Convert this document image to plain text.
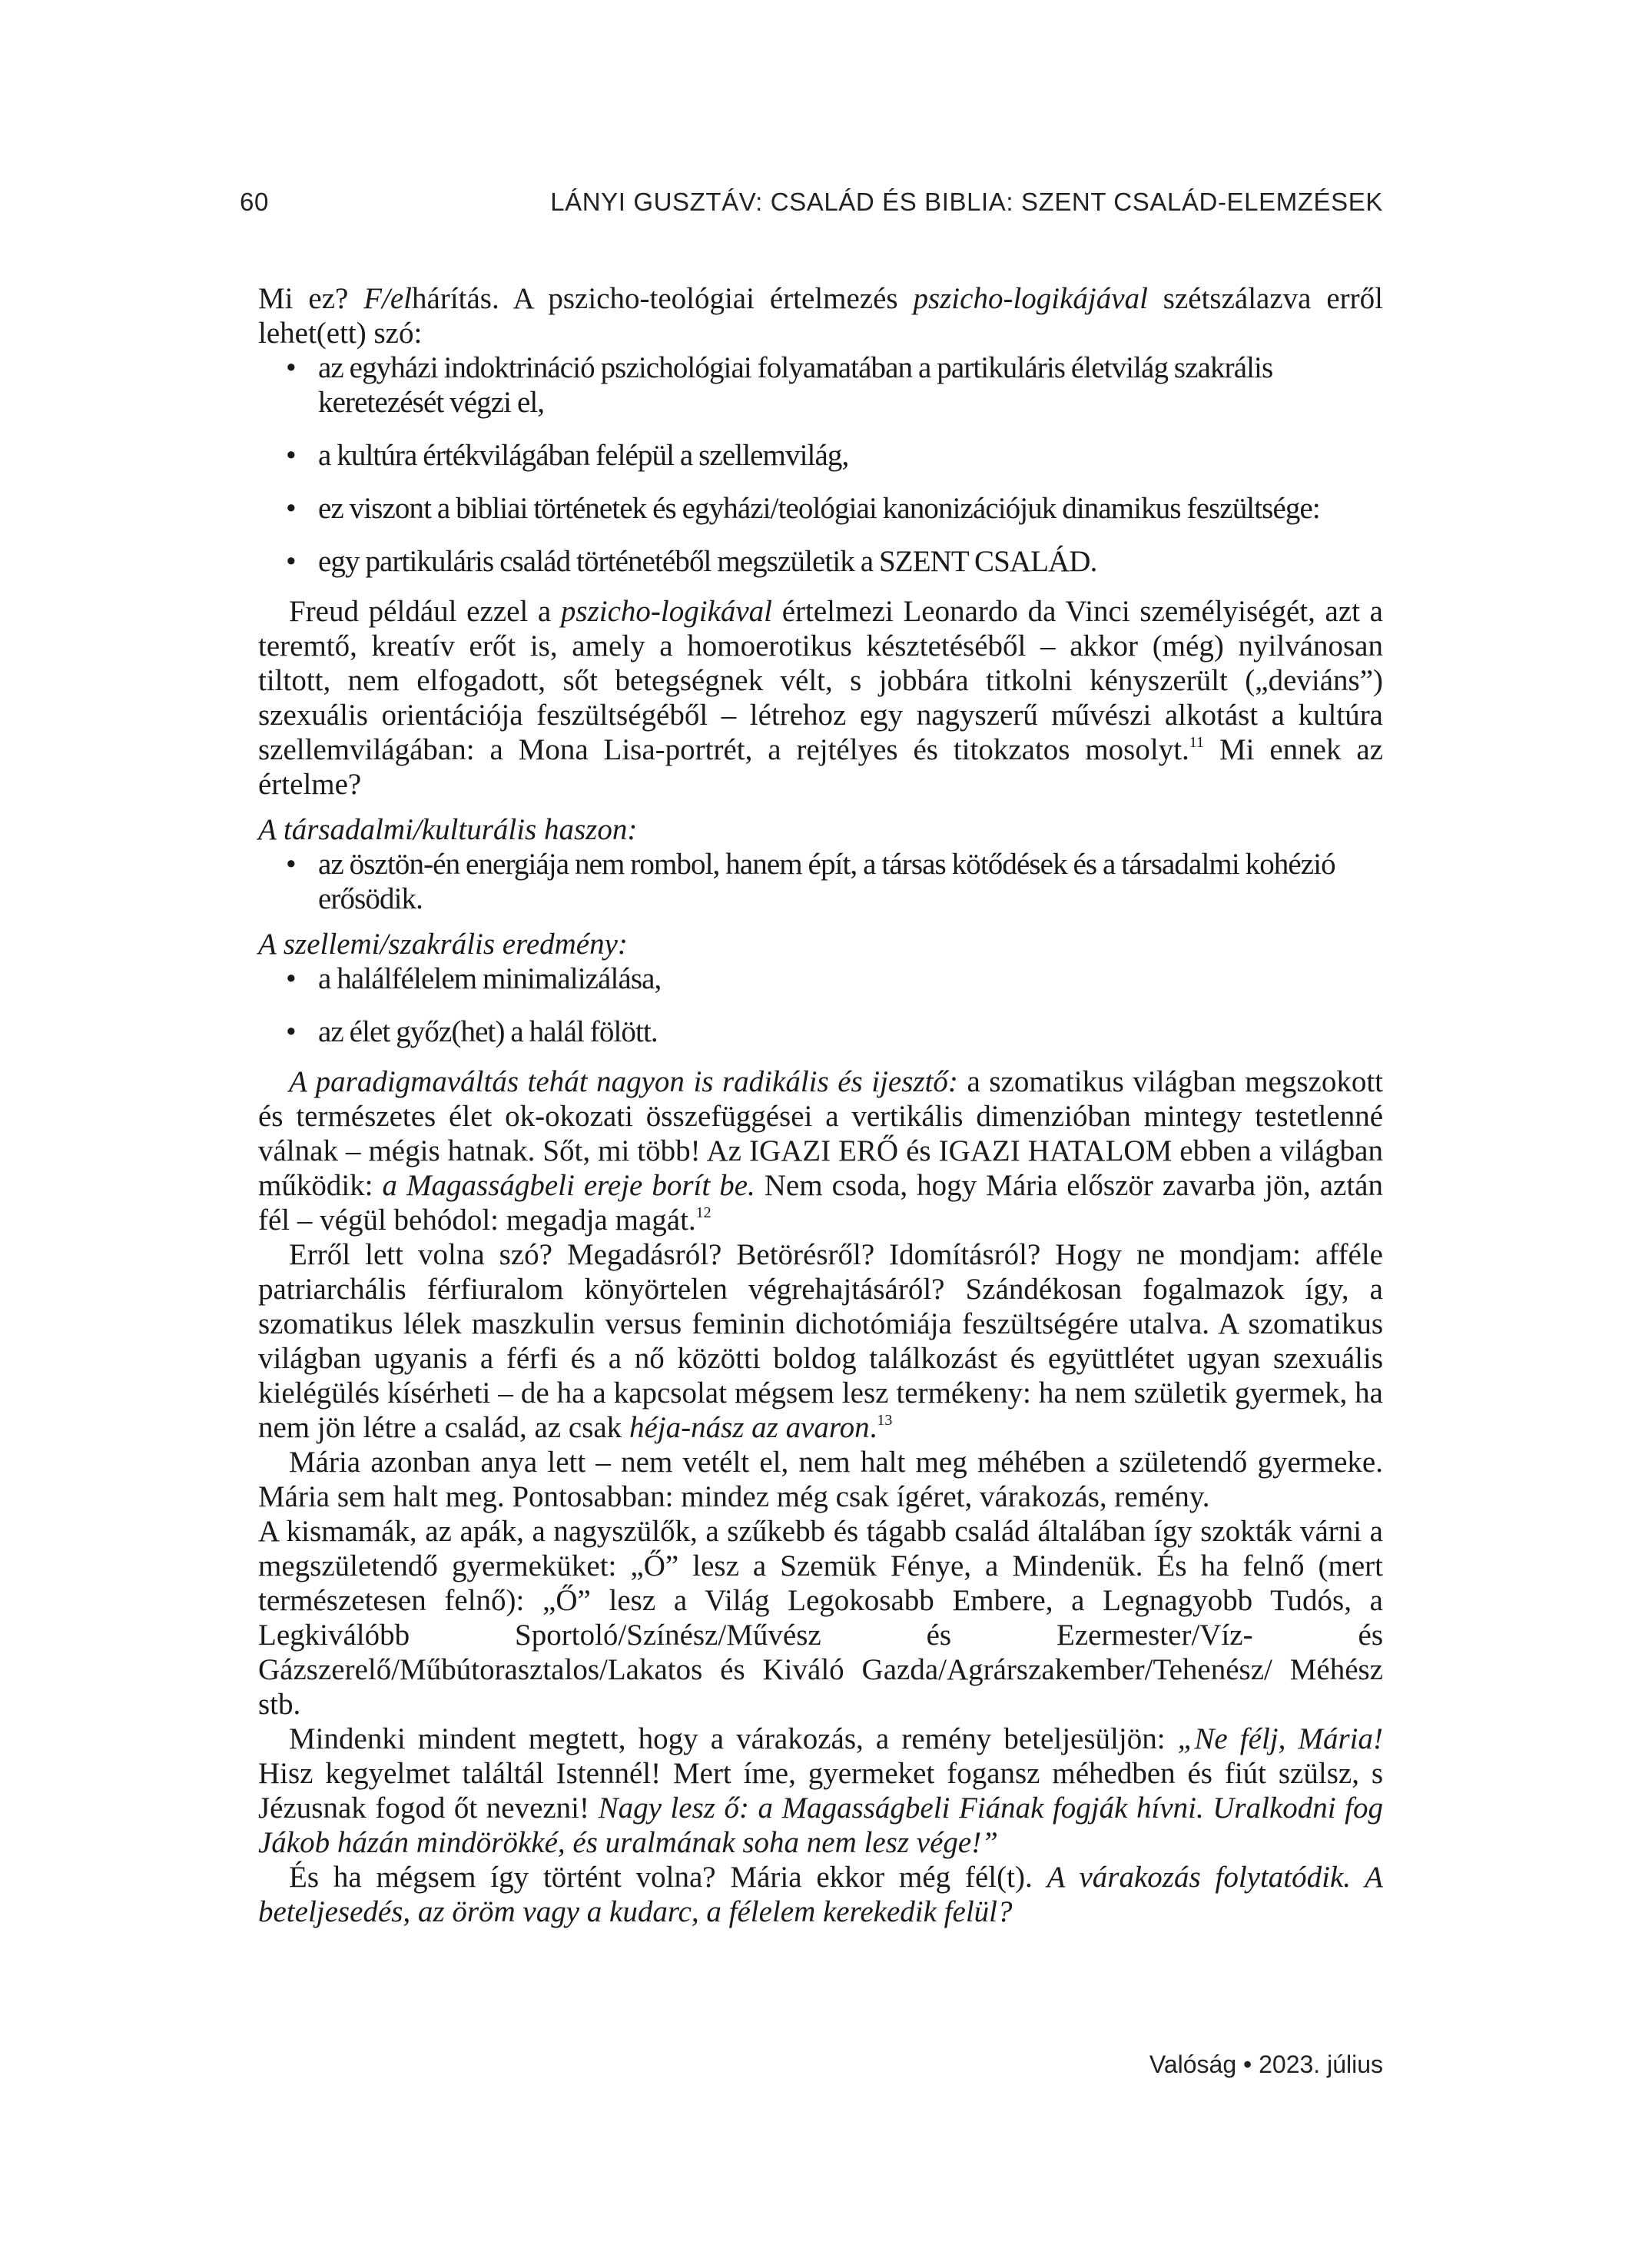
60	LÁNYI GUSZTÁV: CSALÁD ÉS BIBLIA: SZENT CSALÁD-ELEMZÉSEK

Mi ez? F/elhárítás. A pszicho-teológiai értelmezés pszicho-logikájával szétszálazva erről lehet(ett) szó:

• az egyházi indoktrináció pszichológiai folyamatában a partikuláris életvilág szakrális keretezését végzi el,
• a kultúra értékvilágában felépül a szellemvilág,
• ez viszont a bibliai történetek és egyházi/teológiai kanonizációjuk dinamikus feszültsége:
• egy partikuláris család történetéből megszületik a SZENT CSALÁD.

Freud például ezzel a pszicho-logikával értelmezi Leonardo da Vinci személyiségét, azt a teremtő, kreatív erőt is, amely a homoerotikus késztetéséből – akkor (még) nyilvánosan tiltott, nem elfogadott, sőt betegségnek vélt, s jobbára titkolni kényszerült („deviáns”) szexuális orientációja feszültségéből – létrehoz egy nagyszerű művészi alkotást a kultúra szellemvilágában: a Mona Lisa-portrét, a rejtélyes és titokzatos mosolyt.$^{11}$ Mi ennek az értelme?

A társadalmi/kulturális haszon:

• az ösztön-én energiája nem rombol, hanem épít, a társas kötődések és a társadalmi kohézió erősödik.

A szellemi/szakrális eredmény:

• a halálfélelem minimalizálása,
• az élet győz(het) a halál fölött.

A paradigmaváltás tehát nagyon is radikális és ijesztő: a szomatikus világban megszokott és természetes élet ok-okozati összefüggései a vertikális dimenzióban mintegy testetlenné válnak – mégis hatnak. Sőt, mi több! Az IGAZI ERŐ és IGAZI HATALOM ebben a világban működik: a Magasságbeli ereje borít be. Nem csoda, hogy Mária először zavarba jön, aztán fél – végül behódol: megadja magát.$^{12}$

Erről lett volna szó? Megadásról? Betörésről? Idomításról? Hogy ne mondjam: afféle patriarchális férfiuralom könyörtelen végrehajtásáról? Szándékosan fogalmazok így, a szomatikus lélek maszkulin versus feminin dichotómiája feszültségére utalva. A szomatikus világban ugyanis a férfi és a nő közötti boldog találkozást és együttlétet ugyan szexuális kielégülés kísérheti – de ha a kapcsolat mégsem lesz termékeny: ha nem születik gyermek, ha nem jön létre a család, az csak héja-nász az avaron.$^{13}$

Mária azonban anya lett – nem vetélt el, nem halt meg méhében a születendő gyermeke. Mária sem halt meg. Pontosabban: mindez még csak ígéret, várakozás, remény.

A kismamák, az apák, a nagyszülők, a szűkebb és tágabb család általában így szokták várni a megszületendő gyermeküket: „Ő” lesz a Szemük Fénye, a Mindenük. És ha felnő (mert természetesen felnő): „Ő” lesz a Világ Legokosabb Embere, a Legnagyobb Tudós, a Legkiválóbb Sportoló/Színész/Művész és Ezermester/Víz- és Gázszerelő/Műbútorasztalos/Lakatos és Kiváló Gazda/Agrárszakember/Tehenész/ Méhész stb.

Mindenki mindent megtett, hogy a várakozás, a remény beteljesüljön: „Ne félj, Mária! Hisz kegyelmet találtál Istennél! Mert íme, gyermeket fogansz méhedben és fiút szülsz, s Jézusnak fogod őt nevezni! Nagy lesz ő: a Magasságbeli Fiának fogják hívni. Uralkodni fog Jákob házán mindörökké, és uralmának soha nem lesz vége!”

És ha mégsem így történt volna? Mária ekkor még fél(t). A várakozás folytatódik. A beteljesedés, az öröm vagy a kudarc, a félelem kerekedik felül?

Valóság • 2023. július
